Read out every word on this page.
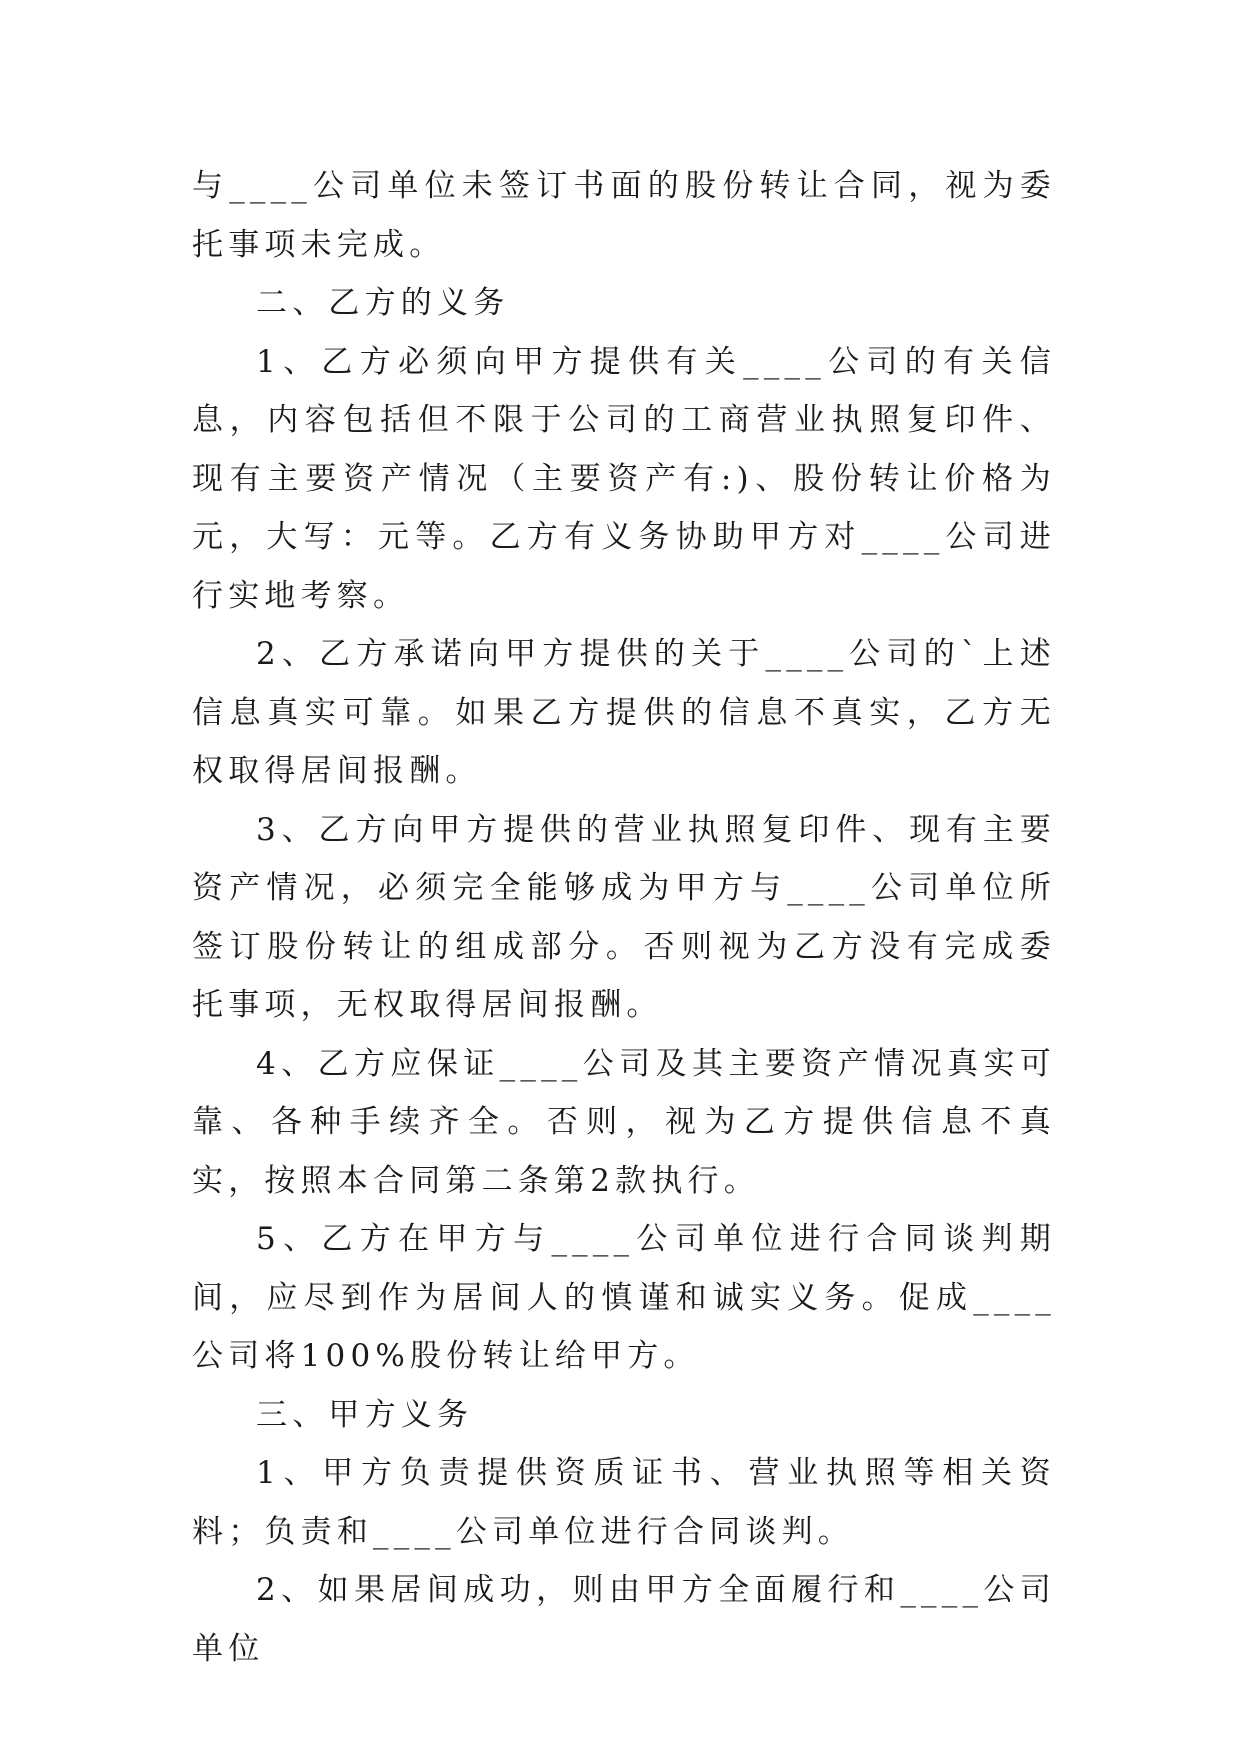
与____公司单位未签订书面的股份转让合同，视为委托事项未完成。

二、乙方的义务

1、乙方必须向甲方提供有关____公司的有关信息，内容包括但不限于公司的工商营业执照复印件、现有主要资产情况（主要资产有:)、股份转让价格为元，大写：元等。乙方有义务协助甲方对____公司进行实地考察。

2、乙方承诺向甲方提供的关于____公司的`上述信息真实可靠。如果乙方提供的信息不真实，乙方无权取得居间报酬。

3、乙方向甲方提供的营业执照复印件、现有主要资产情况，必须完全能够成为甲方与____公司单位所签订股份转让的组成部分。否则视为乙方没有完成委托事项，无权取得居间报酬。

4、乙方应保证____公司及其主要资产情况真实可靠、各种手续齐全。否则，视为乙方提供信息不真实，按照本合同第二条第2款执行。

5、乙方在甲方与____公司单位进行合同谈判期间，应尽到作为居间人的慎谨和诚实义务。促成____公司将100%股份转让给甲方。

三、甲方义务

1、甲方负责提供资质证书、营业执照等相关资料；负责和____公司单位进行合同谈判。

2、如果居间成功，则由甲方全面履行和____公司单位
